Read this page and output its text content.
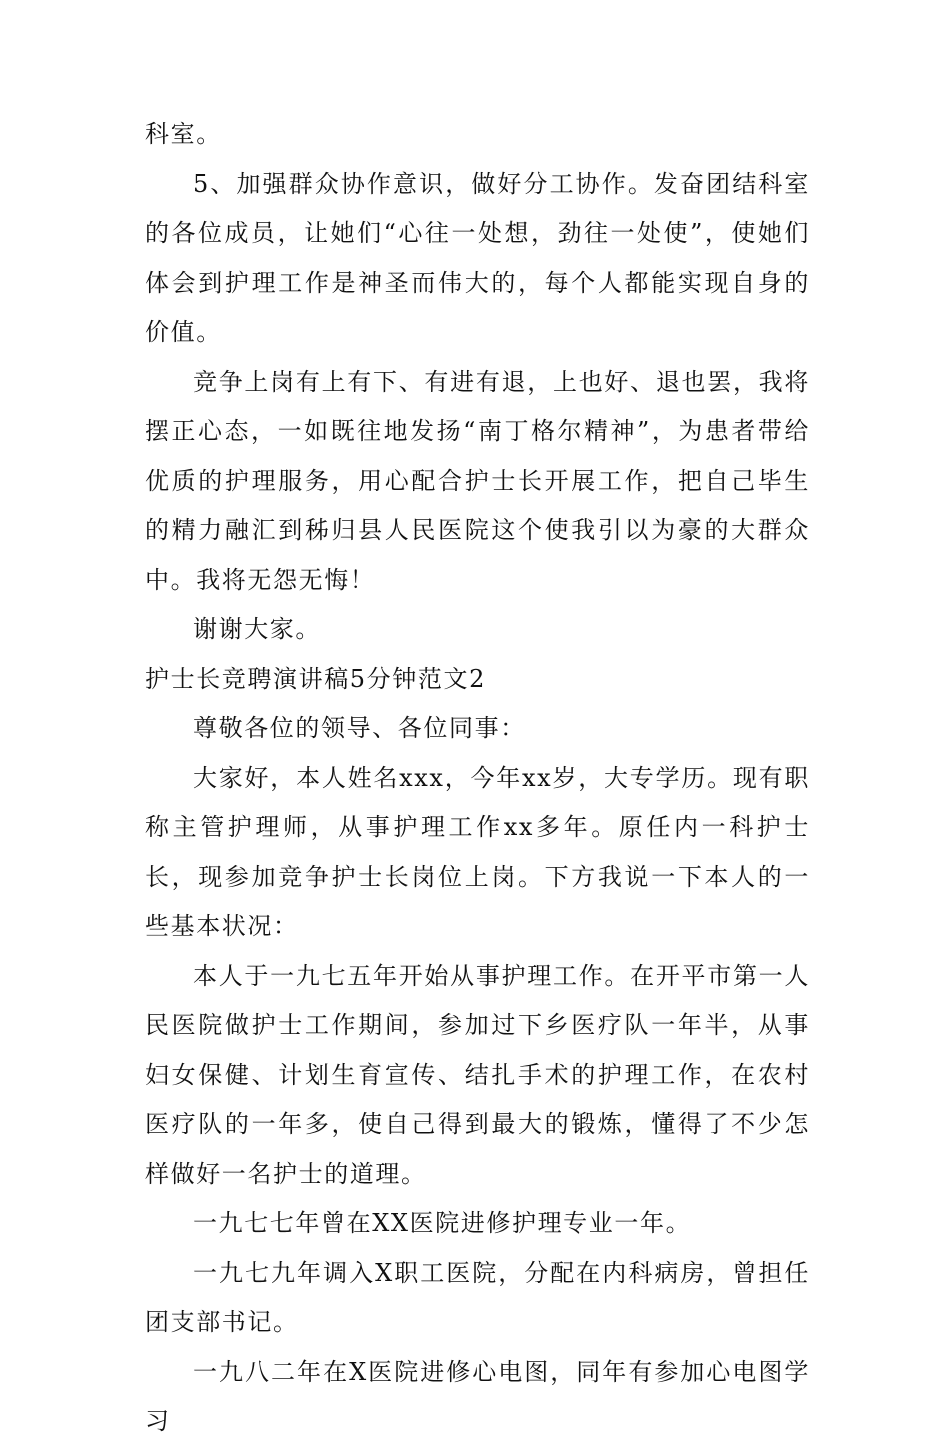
科室。

5、加强群众协作意识，做好分工协作。发奋团结科室的各位成员，让她们“心往一处想，劲往一处使”，使她们体会到护理工作是神圣而伟大的，每个人都能实现自身的价值。

竞争上岗有上有下、有进有退，上也好、退也罢，我将摆正心态，一如既往地发扬“南丁格尔精神”，为患者带给优质的护理服务，用心配合护士长开展工作，把自己毕生的精力融汇到秭归县人民医院这个使我引以为豪的大群众中。我将无怨无悔！

谢谢大家。

护士长竞聘演讲稿5分钟范文2

尊敬各位的领导、各位同事：

大家好，本人姓名xxx，今年xx岁，大专学历。现有职称主管护理师，从事护理工作xx多年。原任内一科护士长，现参加竞争护士长岗位上岗。下方我说一下本人的一些基本状况：

本人于一九七五年开始从事护理工作。在开平市第一人民医院做护士工作期间，参加过下乡医疗队一年半，从事妇女保健、计划生育宣传、结扎手术的护理工作，在农村医疗队的一年多，使自己得到最大的锻炼，懂得了不少怎样做好一名护士的道理。

一九七七年曾在XX医院进修护理专业一年。

一九七九年调入X职工医院，分配在内科病房，曾担任团支部书记。

一九八二年在X医院进修心电图，同年有参加心电图学习
